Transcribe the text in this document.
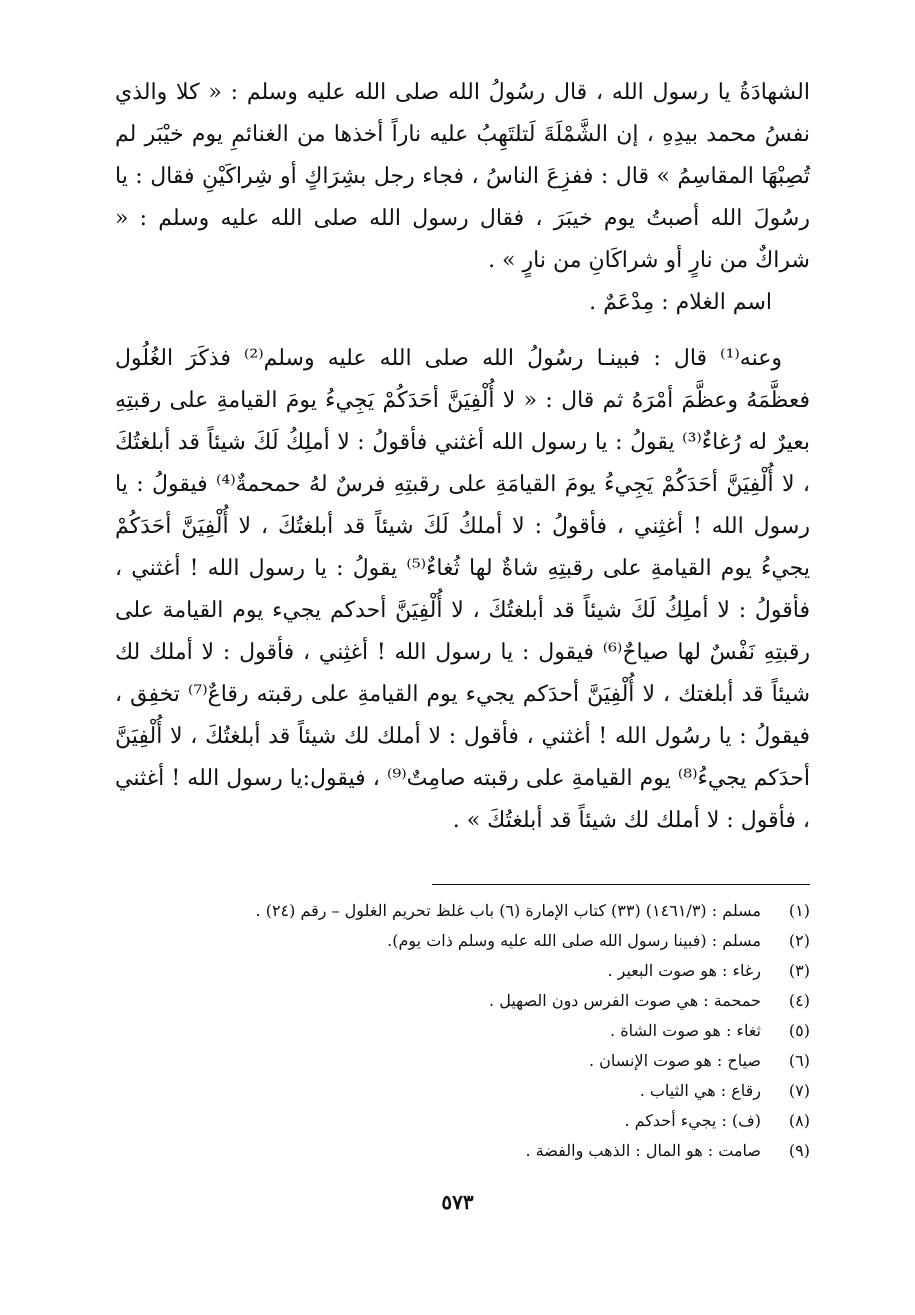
الشهادَةُ يا رسول الله ، قال رسُولُ الله صلى الله عليه وسلم : « كلا والذي نفسُ محمد بيدِهِ ، إن الشَّمْلَةَ لَتلتَهِبُ عليه ناراً أخذها من الغنائمِ يوم خيْبَر لم تُصِبْهَا المقاسِمُ » قال : ففزِعَ الناسُ ، فجاء رجل بشِرَاكٍ أو شِراكَيْنِ فقال : يا رسُولَ الله أصبتُ يوم خيبَرَ ، فقال رسول الله صلى الله عليه وسلم : « شراكٌ من نارٍ أو شراكَانِ من نارٍ » .

اسم الغلام : مِدْعَمٌ .

وعنه⁽¹⁾ قال : فبينـا رسُولُ الله صلى الله عليه وسلم⁽²⁾ فذكَرَ الغُلُول فعظَّمَهُ وعظَّمَ أمْرَهُ ثم قال : « لا أُلْفِيَنَّ أحَدَكُمْ يَجِيءُ يومَ القيامةِ على رقبتِهِ بعيرٌ له رُغاءٌ⁽³⁾ يقولُ : يا رسول الله أغثني فأقولُ : لا أملِكُ لَكَ شيئاً قد أبلغتُكَ ، لا أُلْفِيَنَّ أحَدَكُمْ يَجِيءُ يومَ القيامَةِ على رقبتِهِ فرسٌ لهُ حمحمةٌ⁽⁴⁾ فيقولُ : يا رسول الله ! أغثِني ، فأقولُ : لا أملكُ لَكَ شيئاً قد أبلغتُكَ ، لا أُلْفِيَنَّ أحَدَكُمْ يجيءُ يوم القيامةِ على رقبتِهِ شاةٌ لها ثُغاءٌ⁽⁵⁾ يقولُ : يا رسول الله ! أغثني ، فأقولُ : لا أملِكُ لَكَ شيئاً قد أبلغتُكَ ، لا أُلْفِيَنَّ أحدكم يجيء يوم القيامة على رقبتِهِ نَفْسٌ لها صياحٌ⁽⁶⁾ فيقول : يا رسول الله ! أغثِني ، فأقول : لا أملك لك شيئاً قد أبلغتك ، لا أُلْفِيَنَّ أحدَكم يجيء يوم القيامةِ على رقبته رقاعٌ⁽⁷⁾ تخفِق ، فيقولُ : يا رسُول الله ! أغثني ، فأقول : لا أملك لك شيئاً قد أبلغتُكَ ، لا أُلْفِيَنَّ أحدَكم يجيءُ⁽⁸⁾ يوم القيامةِ على رقبته صامِتٌ⁽⁹⁾ ، فيقول:يا رسول الله ! أغثني ، فأقول : لا أملك لك شيئاً قد أبلغتُكَ » .

(١)
مسلم : (١٤٦١/٣) (٣٣) كتاب الإمارة (٦) باب غلظ تحريم الغلول – رقم (٢٤) .
(٢)
مسلم : (فبينا رسول الله صلى الله عليه وسلم ذات يوم).
(٣)
رغاء : هو صوت البعير .
(٤)
حمحمة : هي صوت الفرس دون الصهيل .
(٥)
ثغاء : هو صوت الشاة .
(٦)
صياح : هو صوت الإنسان .
(٧)
رقاع : هي الثياب .
(٨)
(ف) : يجيء أحدكم .
(٩)
صامت : هو المال : الذهب والفضة .
٥٧٣
